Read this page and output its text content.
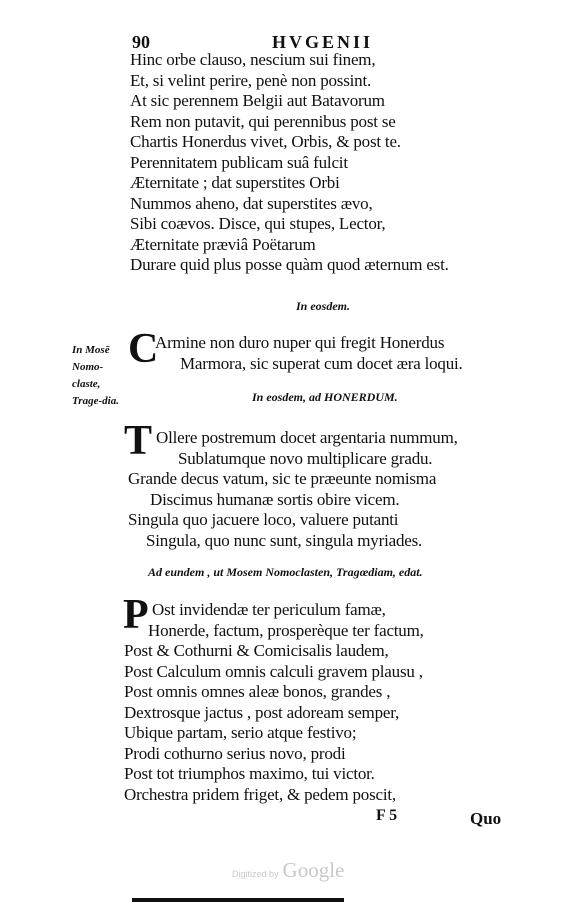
90	HVGENII
Hinc orbe clauso, nescium sui finem,
Et, si velint perire, penè non possint.
At sic perennem Belgii aut Batavorum
Rem non putavit, qui perennibus post se
Chartis Honerdus vivet, Orbis, & post te.
Perennitatem publicam suâ fulcit
Æternitate ; dat superstites Orbi
Nummos aheno, dat superstites ævo,
Sibi coævos. Disce, qui stupes, Lector,
Æternitate præviâ Poëtarum
Durare quid plus posse quàm quod æternum est.
In eosdem.
In Mosē Nomo-claste, Trage-dia.
C
Armine non duro nuper qui fregit Honerdus
Marmora, sic superat cum docet æra loqui.
In eosdem, ad HONERDUM.
T Ollere postremum docet argentaria nummum,
Sublatumque novo multiplicare gradu.
Grande decus vatum, sic te præeunte nomisma
Discimus humanæ sortis obire vicem.
Singula quo jacuere loco, valuere putanti
Singula, quo nunc sunt, singula myriades.
Ad eundem , ut Mosem Nomoclasten, Tragœdiam, edat.
P Ost invidendæ ter periculum famæ,
Honerde, factum, prosperèque ter factum,
Post & Cothurni & Comicisalis laudem,
Post Calculum omnis calculi gravem plausu ,
Post omnis omnes aleæ bonos, grandes ,
Dextrosque jactus , post adoream semper,
Ubique partam, serio atque festivo;
Prodi cothurno serius novo, prodi
Post tot triumphos maximo, tui victor.
Orchestra pridem friget, & pedem poscit,
F 5	Quo
Digitized by Google
